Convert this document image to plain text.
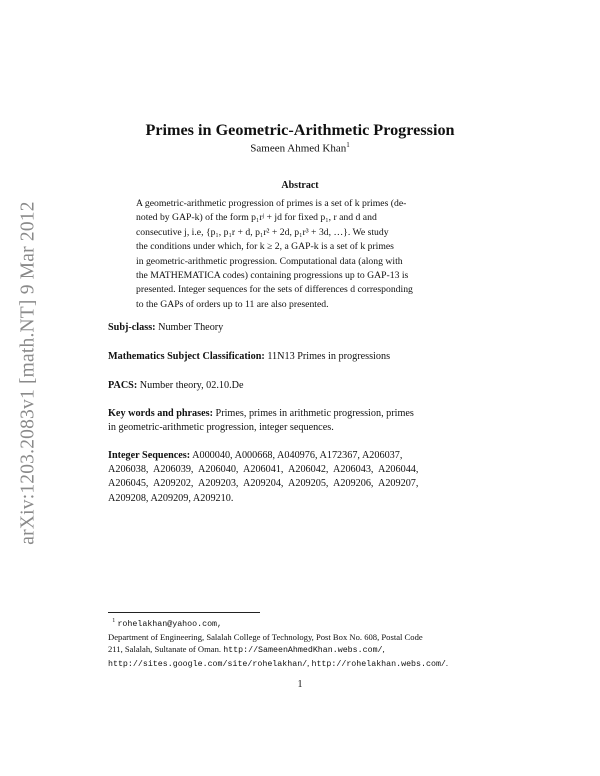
arXiv:1203.2083v1 [math.NT] 9 Mar 2012
Primes in Geometric-Arithmetic Progression
Sameen Ahmed Khan$^1$
Abstract
A geometric-arithmetic progression of primes is a set of k primes (de-
noted by GAP-k) of the form p₁rʲ + jd for fixed p₁, r and d and
consecutive j, i.e, {p₁, p₁r + d, p₁r² + 2d, p₁r³ + 3d, …}. We study
the conditions under which, for k ≥ 2, a GAP-k is a set of k primes
in geometric-arithmetic progression. Computational data (along with
the MATHEMATICA codes) containing progressions up to GAP-13 is
presented. Integer sequences for the sets of differences d corresponding
to the GAPs of orders up to 11 are also presented.
Subj-class: Number Theory
Mathematics Subject Classification: 11N13 Primes in progressions
PACS: Number theory, 02.10.De
Key words and phrases: Primes, primes in arithmetic progression, primes
in geometric-arithmetic progression, integer sequences.
Integer Sequences: A000040, A000668, A040976, A172367, A206037,
A206038,  A206039,  A206040,  A206041,  A206042,  A206043,  A206044,
A206045,  A209202,  A209203,  A209204,  A209205,  A209206,  A209207,
A209208, A209209, A209210.
$^1$ rohelakhan@yahoo.com,
Department of Engineering, Salalah College of Technology, Post Box No. 608, Postal Code
211, Salalah, Sultanate of Oman. http://SameenAhmedKhan.webs.com/,
http://sites.google.com/site/rohelakhan/, http://rohelakhan.webs.com/.
1
